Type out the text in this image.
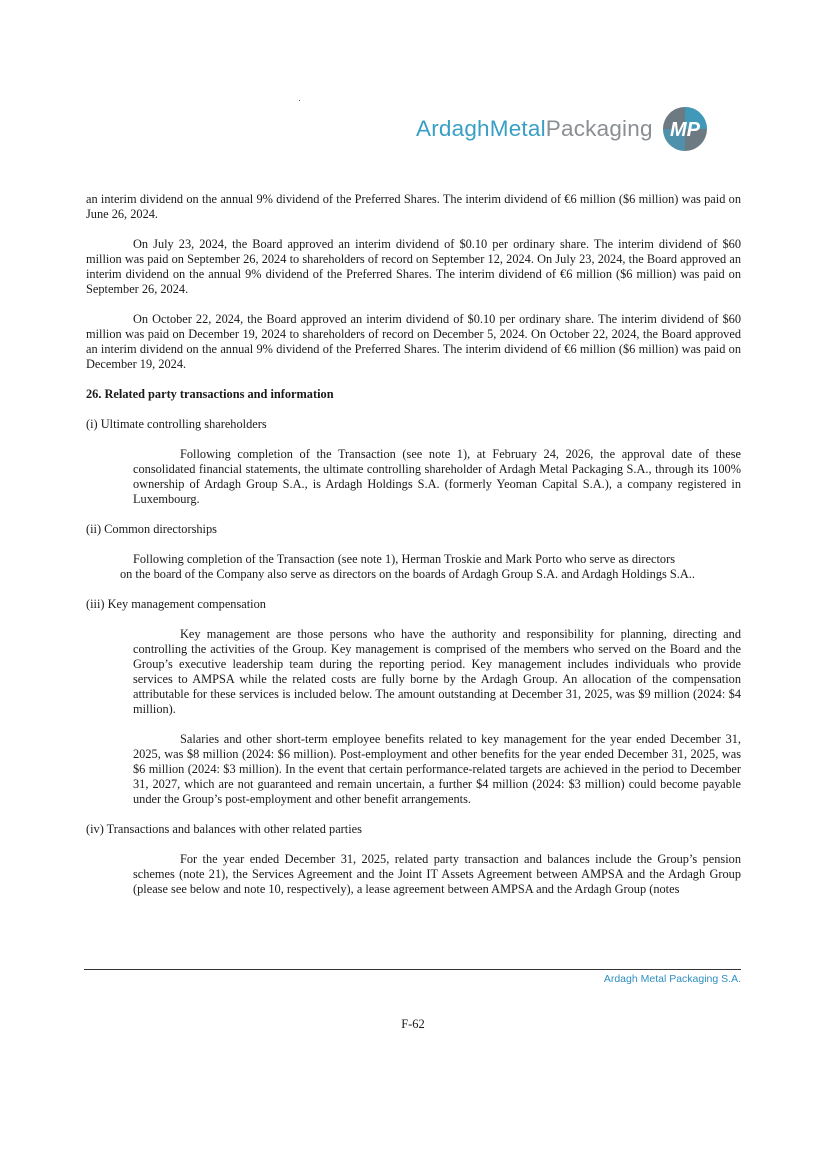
ArdaghMetalPackaging MP

an interim dividend on the annual 9% dividend of the Preferred Shares. The interim dividend of €6 million ($6 million) was paid on June 26, 2024.

On July 23, 2024, the Board approved an interim dividend of $0.10 per ordinary share. The interim dividend of $60 million was paid on September 26, 2024 to shareholders of record on September 12, 2024. On July 23, 2024, the Board approved an interim dividend on the annual 9% dividend of the Preferred Shares. The interim dividend of €6 million ($6 million) was paid on September 26, 2024.

On October 22, 2024, the Board approved an interim dividend of $0.10 per ordinary share. The interim dividend of $60 million was paid on December 19, 2024 to shareholders of record on December 5, 2024. On October 22, 2024, the Board approved an interim dividend on the annual 9% dividend of the Preferred Shares. The interim dividend of €6 million ($6 million) was paid on December 19, 2024.

26. Related party transactions and information

(i) Ultimate controlling shareholders

Following completion of the Transaction (see note 1), at February 24, 2026, the approval date of these consolidated financial statements, the ultimate controlling shareholder of Ardagh Metal Packaging S.A., through its 100% ownership of Ardagh Group S.A., is Ardagh Holdings S.A. (formerly Yeoman Capital S.A.), a company registered in Luxembourg.

(ii) Common directorships

Following completion of the Transaction (see note 1), Herman Troskie and Mark Porto who serve as directors

on the board of the Company also serve as directors on the boards of Ardagh Group S.A. and Ardagh Holdings S.A..

(iii) Key management compensation

Key management are those persons who have the authority and responsibility for planning, directing and controlling the activities of the Group. Key management is comprised of the members who served on the Board and the Group’s executive leadership team during the reporting period. Key management includes individuals who provide services to AMPSA while the related costs are fully borne by the Ardagh Group. An allocation of the compensation attributable for these services is included below. The amount outstanding at December 31, 2025, was $9 million (2024: $4 million).

Salaries and other short-term employee benefits related to key management for the year ended December 31, 2025, was $8 million (2024: $6 million). Post-employment and other benefits for the year ended December 31, 2025, was $6 million (2024: $3 million). In the event that certain performance-related targets are achieved in the period to December 31, 2027, which are not guaranteed and remain uncertain, a further $4 million (2024: $3 million) could become payable under the Group’s post-employment and other benefit arrangements.

(iv) Transactions and balances with other related parties

For the year ended December 31, 2025, related party transaction and balances include the Group’s pension schemes (note 21), the Services Agreement and the Joint IT Assets Agreement between AMPSA and the Ardagh Group (please see below and note 10, respectively), a lease agreement between AMPSA and the Ardagh Group (notes

Ardagh Metal Packaging S.A.
F-62
